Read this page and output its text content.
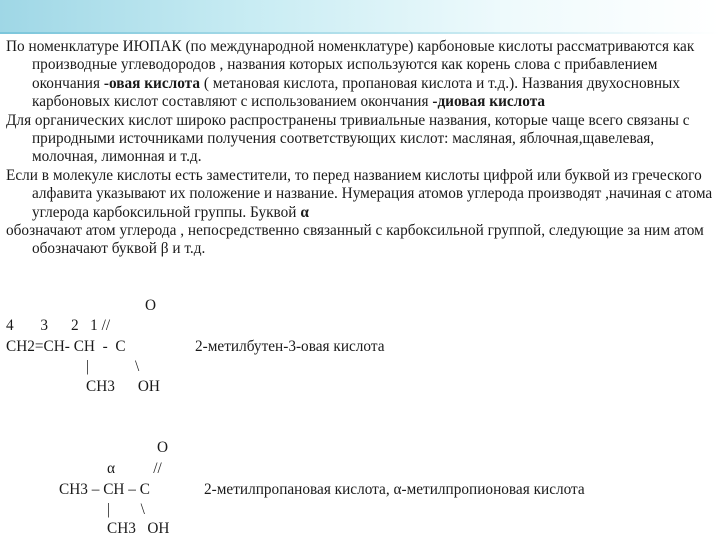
По номенклатуре ИЮПАК (по международной номенклатуре) карбоновые кислоты рассматриваются как производные углеводородов , названия которых используются как корень слова с прибавлением окончания -овая кислота ( метановая кислота, пропановая кислота и т.д.). Названия двухосновных карбоновых кислот составляют с использованием окончания -диовая кислота

Для органических кислот широко распространены тривиальные названия, которые чаще всего связаны с природными источниками получения соответствующих кислот: масляная, яблочная,щавелевая, молочная, лимонная и т.д.

Если в молекуле кислоты есть заместители, то перед названием кислоты цифрой или буквой из греческого алфавита указывают их положение и название. Нумерация атомов углерода производят ,начиная с атома углерода карбоксильной группы. Буквой α

обозначают атом углерода , непосредственно связанный с карбоксильной группой, следующие за ним атом обозначают буквой β и т.д.

O
4       3      2   1 //
CH2=CH- CH  -  C	2-метилбутен-3-овая кислота
|            \
CH3      OH
O
α          //
CH3 – CH – C	2-метилпропановая кислота, α-метилпропионовая кислота
|        \
CH3   OH
